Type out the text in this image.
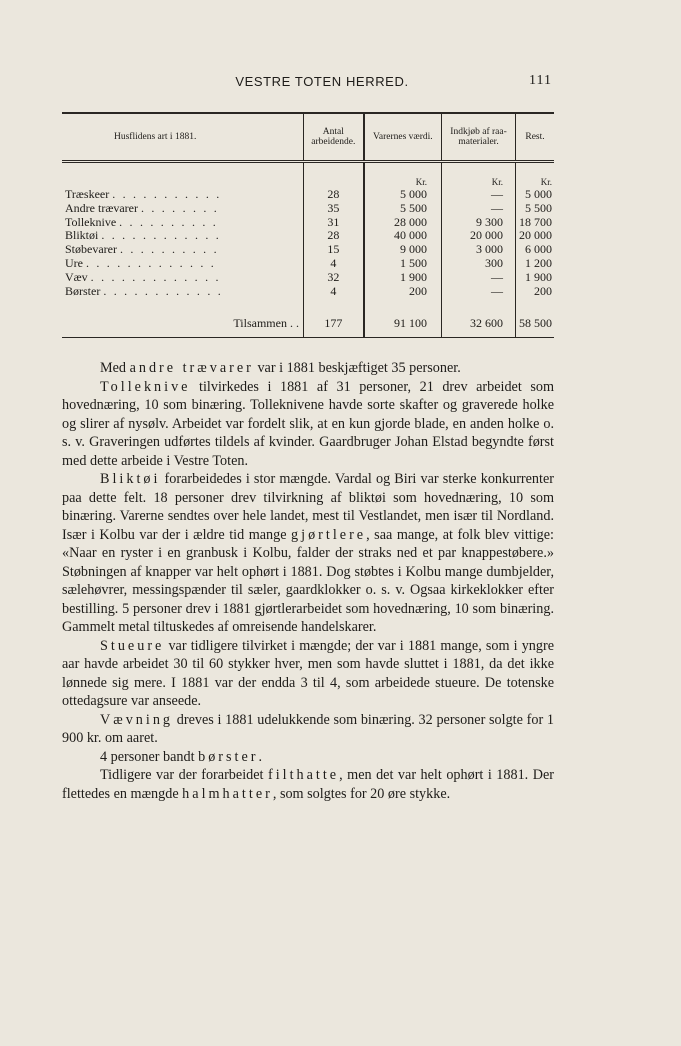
VESTRE TOTEN HERRED.	111
Husflidens art i 1881.	Antal arbeidende.	Varernes værdi.	Indkjøb af raa-materialer.	Rest.
		Kr.	Kr.	Kr.
Træskeer . . . . . . . . . . .	28	5 000	—	5 000
Andre trævarer . . . . . . . .	35	5 500	—	5 500
Tolleknive . . . . . . . . . .	31	28 000	9 300	18 700
Bliktøi . . . . . . . . . . . .	28	40 000	20 000	20 000
Støbevarer . . . . . . . . . .	15	9 000	3 000	6 000
Ure . . . . . . . . . . . . .	4	1 500	300	1 200
Væv . . . . . . . . . . . . .	32	1 900	—	1 900
Børster . . . . . . . . . . . .	4	200	—	200
Tilsammen . .	177	91 100	32 600	58 500

Med andre trævarer var i 1881 beskjæftiget 35 personer.

Tolleknive tilvirkedes i 1881 af 31 personer, 21 drev arbeidet som hovednæring, 10 som binæring. Tolleknivene havde sorte skafter og graverede holke og slirer af nysølv. Arbeidet var fordelt slik, at en kun gjorde blade, en anden holke o. s. v. Graveringen udførtes tildels af kvinder. Gaardbruger Johan Elstad begyndte først med dette arbeide i Vestre Toten.

Bliktøi forarbeidedes i stor mængde. Vardal og Biri var sterke konkurrenter paa dette felt. 18 personer drev tilvirkning af bliktøi som hovednæring, 10 som binæring. Varerne sendtes over hele landet, mest til Vestlandet, men især til Nordland. Især i Kolbu var der i ældre tid mange gjørtlere, saa mange, at folk blev vittige: «Naar en ryster i en granbusk i Kolbu, falder der straks ned et par knappestøbere.» Støbningen af knapper var helt ophørt i 1881. Dog støbtes i Kolbu mange dumbjelder, sælehøvrer, messingspænder til sæler, gaardklokker o. s. v. Ogsaa kirkeklokker efter bestilling. 5 personer drev i 1881 gjørtlerarbeidet som hovednæring, 10 som binæring. Gammelt metal tiltuskedes af omreisende handelskarer.

Stueure var tidligere tilvirket i mængde; der var i 1881 mange, som i yngre aar havde arbeidet 30 til 60 stykker hver, men som havde sluttet i 1881, da det ikke lønnede sig mere. I 1881 var der endda 3 til 4, som arbeidede stueure. De totenske ottedagsure var anseede.

Vævning dreves i 1881 udelukkende som binæring. 32 personer solgte for 1 900 kr. om aaret.

4 personer bandt børster.

Tidligere var der forarbeidet filthatte, men det var helt ophørt i 1881. Der flettedes en mængde halmhatter, som solgtes for 20 øre stykke.
